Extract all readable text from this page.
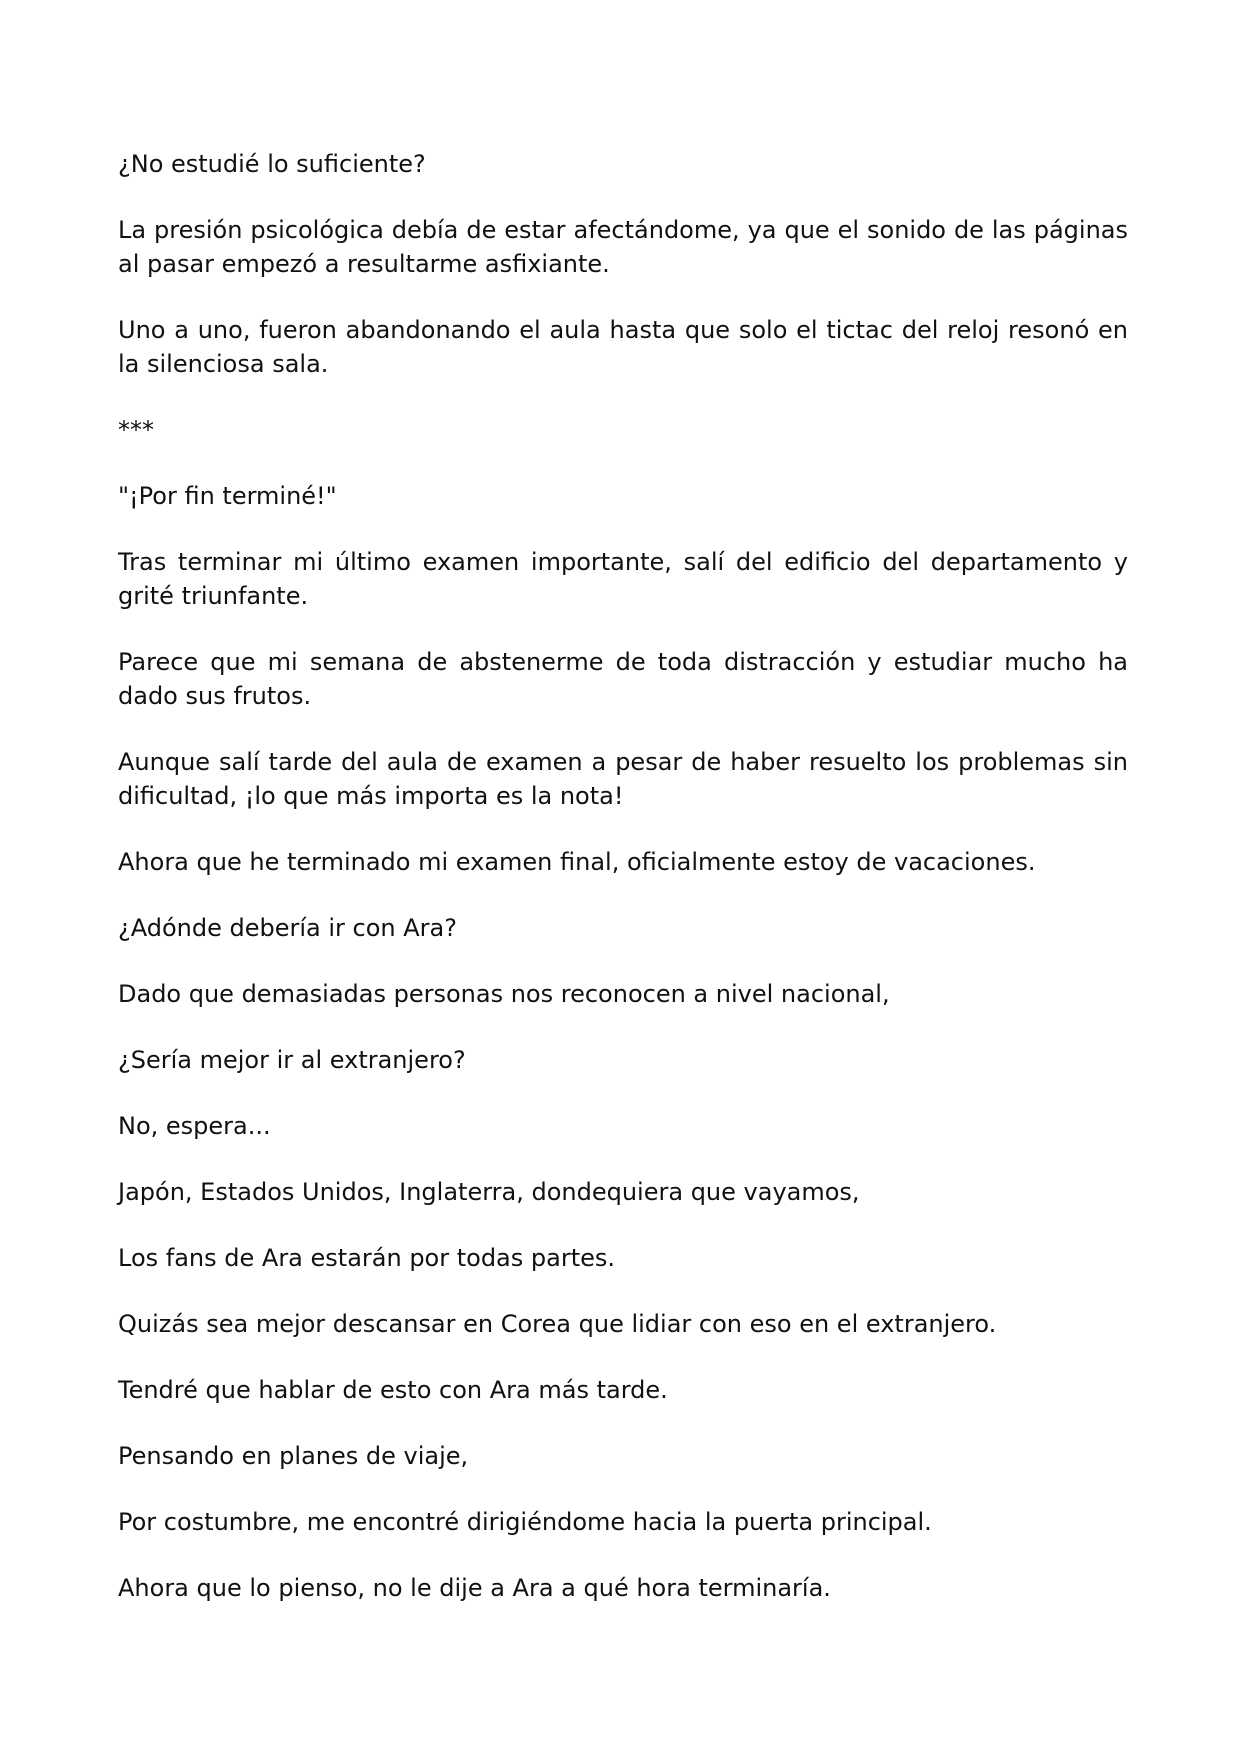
¿No estudié lo suficiente?

La presión psicológica debía de estar afectándome, ya que el sonido de las páginas al pasar empezó a resultarme asfixiante.

Uno a uno, fueron abandonando el aula hasta que solo el tictac del reloj resonó en la silenciosa sala.

***

"¡Por fin terminé!"

Tras terminar mi último examen importante, salí del edificio del departamento y grité triunfante.

Parece que mi semana de abstenerme de toda distracción y estudiar mucho ha dado sus frutos.

Aunque salí tarde del aula de examen a pesar de haber resuelto los problemas sin dificultad, ¡lo que más importa es la nota!

Ahora que he terminado mi examen final, oficialmente estoy de vacaciones.

¿Adónde debería ir con Ara?

Dado que demasiadas personas nos reconocen a nivel nacional,

¿Sería mejor ir al extranjero?

No, espera...

Japón, Estados Unidos, Inglaterra, dondequiera que vayamos,

Los fans de Ara estarán por todas partes.

Quizás sea mejor descansar en Corea que lidiar con eso en el extranjero.

Tendré que hablar de esto con Ara más tarde.

Pensando en planes de viaje,

Por costumbre, me encontré dirigiéndome hacia la puerta principal.

Ahora que lo pienso, no le dije a Ara a qué hora terminaría.
